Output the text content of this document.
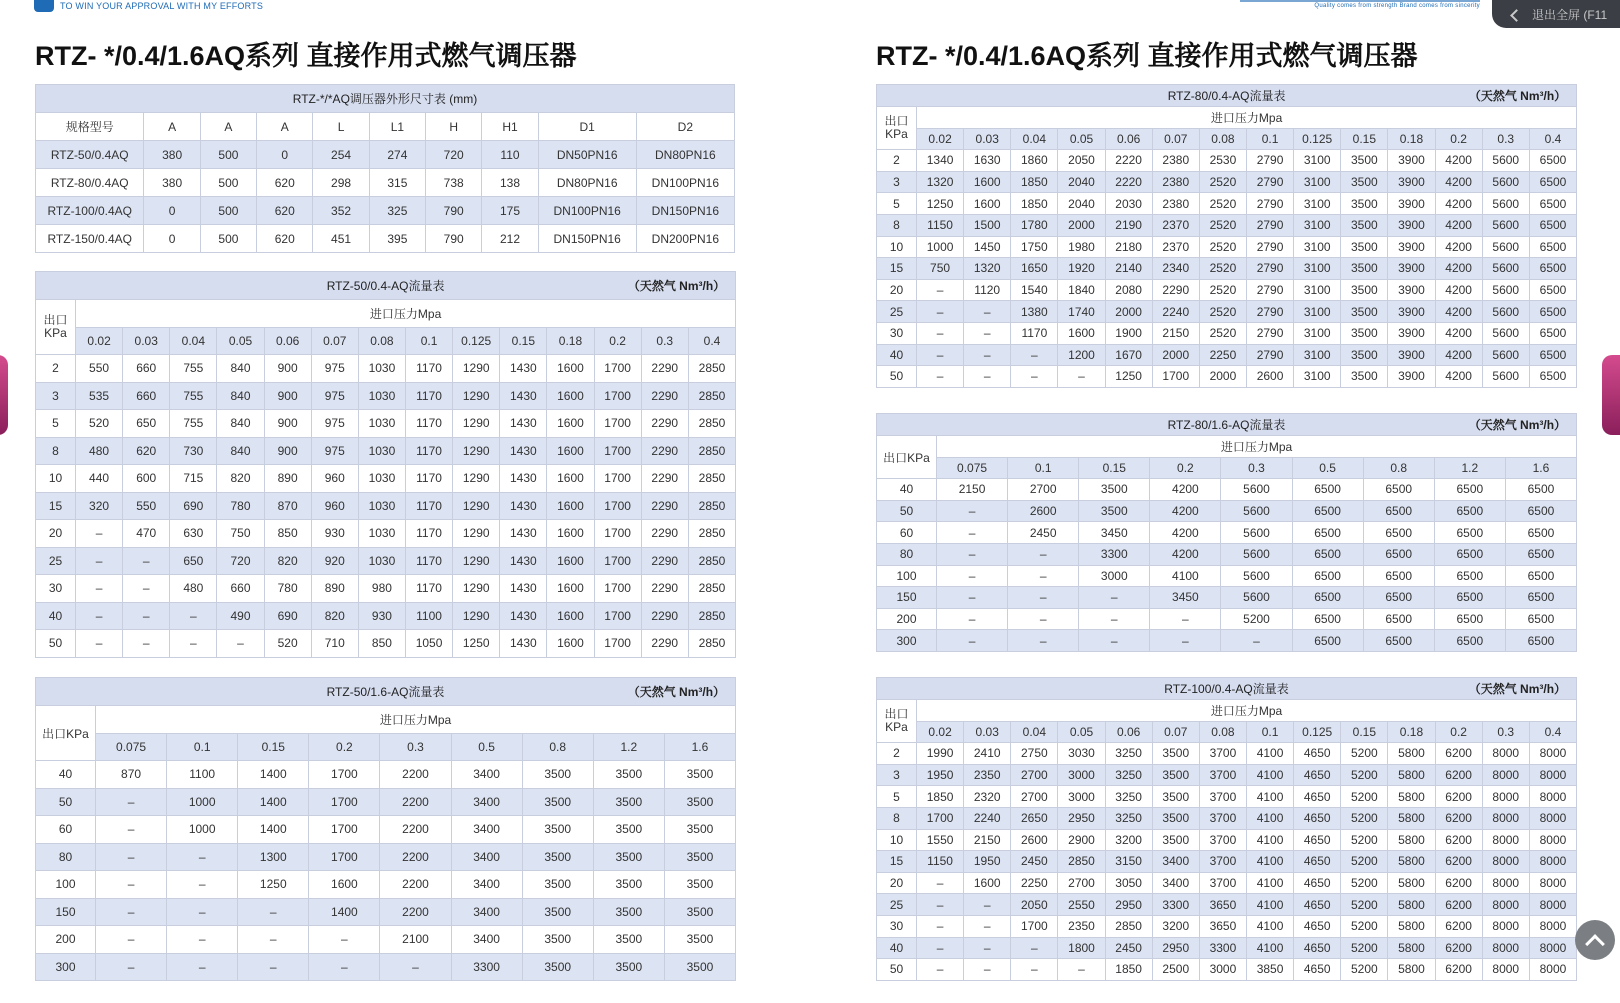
TO WIN YOUR APPROVAL WITH MY EFFORTS	Quality comes from strength Brand comes from sincerity
退出全屏 (F11
RTZ- */0.4/1.6AQ系列 直接作用式燃气调压器
RTZ-*/*AQ调压器外形尺寸表 (mm)									

规格型号	A	A	A	L	L1	H	H1	D1	D2
RTZ-50/0.4AQ	380	500	0	254	274	720	110	DN50PN16	DN80PN16
RTZ-80/0.4AQ	380	500	620	298	315	738	138	DN80PN16	DN100PN16
RTZ-100/0.4AQ	0	500	620	352	325	790	175	DN100PN16	DN150PN16
RTZ-150/0.4AQ	0	500	620	451	395	790	212	DN150PN16	DN200PN16
RTZ-50/0.4-AQ流量表 （天然气 Nm³/h）														

出口KPa	进口压力Mpa													
	0.02	0.03	0.04	0.05	0.06	0.07	0.08	0.1	0.125	0.15	0.18	0.2	0.3	0.4
2	550	660	755	840	900	975	1030	1170	1290	1430	1600	1700	2290	2850
3	535	660	755	840	900	975	1030	1170	1290	1430	1600	1700	2290	2850
5	520	650	755	840	900	975	1030	1170	1290	1430	1600	1700	2290	2850
8	480	620	730	840	900	975	1030	1170	1290	1430	1600	1700	2290	2850
10	440	600	715	820	890	960	1030	1170	1290	1430	1600	1700	2290	2850
15	320	550	690	780	870	960	1030	1170	1290	1430	1600	1700	2290	2850
20	–	470	630	750	850	930	1030	1170	1290	1430	1600	1700	2290	2850
25	–	–	650	720	820	920	1030	1170	1290	1430	1600	1700	2290	2850
30	–	–	480	660	780	890	980	1170	1290	1430	1600	1700	2290	2850
40	–	–	–	490	690	820	930	1100	1290	1430	1600	1700	2290	2850
50	–	–	–	–	520	710	850	1050	1250	1430	1600	1700	2290	2850
RTZ-50/1.6-AQ流量表 （天然气 Nm³/h）									

出口KPa	进口压力Mpa								
	0.075	0.1	0.15	0.2	0.3	0.5	0.8	1.2	1.6
40	870	1100	1400	1700	2200	3400	3500	3500	3500
50	–	1000	1400	1700	2200	3400	3500	3500	3500
60	–	1000	1400	1700	2200	3400	3500	3500	3500
80	–	–	1300	1700	2200	3400	3500	3500	3500
100	–	–	1250	1600	2200	3400	3500	3500	3500
150	–	–	–	1400	2200	3400	3500	3500	3500
200	–	–	–	–	2100	3400	3500	3500	3500
300	–	–	–	–	–	3300	3500	3500	3500
RTZ- */0.4/1.6AQ系列 直接作用式燃气调压器
RTZ-80/0.4-AQ流量表 （天然气 Nm³/h）														

出口KPa	进口压力Mpa													
	0.02	0.03	0.04	0.05	0.06	0.07	0.08	0.1	0.125	0.15	0.18	0.2	0.3	0.4
2	1340	1630	1860	2050	2220	2380	2530	2790	3100	3500	3900	4200	5600	6500
3	1320	1600	1850	2040	2220	2380	2520	2790	3100	3500	3900	4200	5600	6500
5	1250	1600	1850	2040	2030	2380	2520	2790	3100	3500	3900	4200	5600	6500
8	1150	1500	1780	2000	2190	2370	2520	2790	3100	3500	3900	4200	5600	6500
10	1000	1450	1750	1980	2180	2370	2520	2790	3100	3500	3900	4200	5600	6500
15	750	1320	1650	1920	2140	2340	2520	2790	3100	3500	3900	4200	5600	6500
20	–	1120	1540	1840	2080	2290	2520	2790	3100	3500	3900	4200	5600	6500
25	–	–	1380	1740	2000	2240	2520	2790	3100	3500	3900	4200	5600	6500
30	–	–	1170	1600	1900	2150	2520	2790	3100	3500	3900	4200	5600	6500
40	–	–	–	1200	1670	2000	2250	2790	3100	3500	3900	4200	5600	6500
50	–	–	–	–	1250	1700	2000	2600	3100	3500	3900	4200	5600	6500
RTZ-80/1.6-AQ流量表 （天然气 Nm³/h）									

出口KPa	进口压力Mpa								
	0.075	0.1	0.15	0.2	0.3	0.5	0.8	1.2	1.6
40	2150	2700	3500	4200	5600	6500	6500	6500	6500
50	–	2600	3500	4200	5600	6500	6500	6500	6500
60	–	2450	3450	4200	5600	6500	6500	6500	6500
80	–	–	3300	4200	5600	6500	6500	6500	6500
100	–	–	3000	4100	5600	6500	6500	6500	6500
150	–	–	–	3450	5600	6500	6500	6500	6500
200	–	–	–	–	5200	6500	6500	6500	6500
300	–	–	–	–	–	6500	6500	6500	6500
RTZ-100/0.4-AQ流量表 （天然气 Nm³/h）														

出口KPa	进口压力Mpa													
	0.02	0.03	0.04	0.05	0.06	0.07	0.08	0.1	0.125	0.15	0.18	0.2	0.3	0.4
2	1990	2410	2750	3030	3250	3500	3700	4100	4650	5200	5800	6200	8000	8000
3	1950	2350	2700	3000	3250	3500	3700	4100	4650	5200	5800	6200	8000	8000
5	1850	2320	2700	3000	3250	3500	3700	4100	4650	5200	5800	6200	8000	8000
8	1700	2240	2650	2950	3250	3500	3700	4100	4650	5200	5800	6200	8000	8000
10	1550	2150	2600	2900	3200	3500	3700	4100	4650	5200	5800	6200	8000	8000
15	1150	1950	2450	2850	3150	3400	3700	4100	4650	5200	5800	6200	8000	8000
20	–	1600	2250	2700	3050	3400	3700	4100	4650	5200	5800	6200	8000	8000
25	–	–	2050	2550	2950	3300	3650	4100	4650	5200	5800	6200	8000	8000
30	–	–	1700	2350	2850	3200	3650	4100	4650	5200	5800	6200	8000	8000
40	–	–	–	1800	2450	2950	3300	4100	4650	5200	5800	6200	8000	8000
50	–	–	–	–	1850	2500	3000	3850	4650	5200	5800	6200	8000	8000
